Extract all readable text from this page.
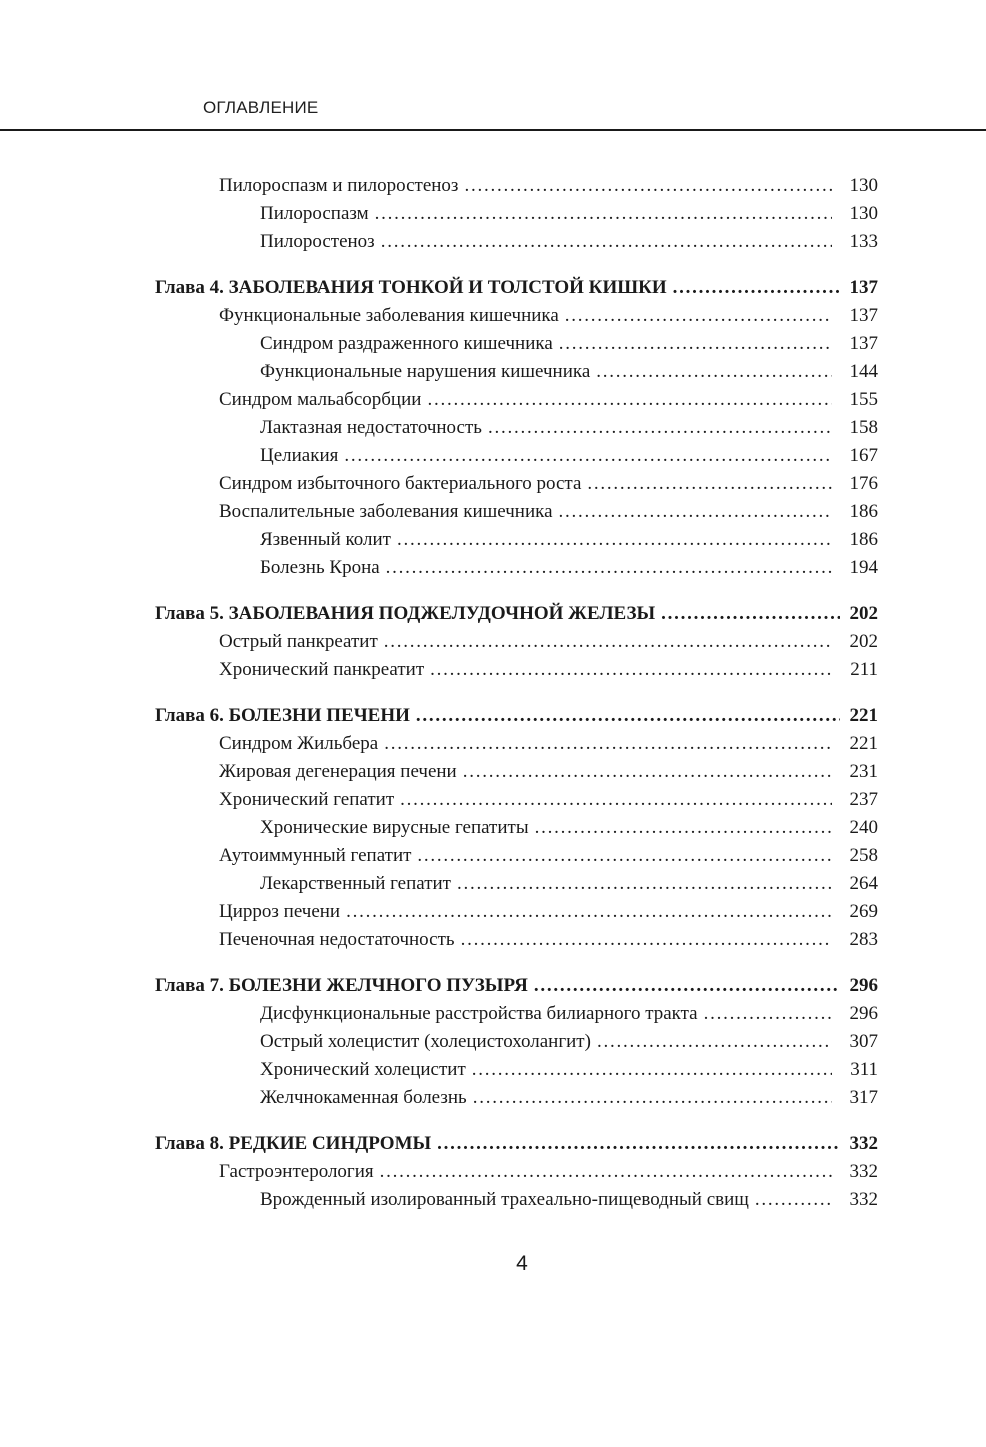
ОГЛАВЛЕНИЕ
Пилороспазм и пилоростеноз . . .	130
Пилороспазм . . .	130
Пилоростеноз . . .	133
Глава 4. ЗАБОЛЕВАНИЯ ТОНКОЙ И ТОЛСТОЙ КИШКИ . . .	137
Функциональные заболевания кишечника . . .	137
Синдром раздраженного кишечника . . .	137
Функциональные нарушения кишечника . . .	144
Синдром мальабсорбции . . .	155
Лактазная недостаточность . . .	158
Целиакия . . .	167
Синдром избыточного бактериального роста . . .	176
Воспалительные заболевания кишечника . . .	186
Язвенный колит . . .	186
Болезнь Крона . . .	194
Глава 5. ЗАБОЛЕВАНИЯ ПОДЖЕЛУДОЧНОЙ ЖЕЛЕЗЫ . . .	202
Острый панкреатит . . .	202
Хронический панкреатит . . .	211
Глава 6. БОЛЕЗНИ ПЕЧЕНИ . . .	221
Синдром Жильбера . . .	221
Жировая дегенерация печени . . .	231
Хронический гепатит . . .	237
Хронические вирусные гепатиты . . .	240
Аутоиммунный гепатит . . .	258
Лекарственный гепатит . . .	264
Цирроз печени . . .	269
Печеночная недостаточность . . .	283
Глава 7. БОЛЕЗНИ ЖЕЛЧНОГО ПУЗЫРЯ . . .	296
Дисфункциональные расстройства билиарного тракта . . .	296
Острый холецистит (холецистохолангит) . . .	307
Хронический холецистит . . .	311
Желчнокаменная болезнь . . .	317
Глава 8. РЕДКИЕ СИНДРОМЫ . . .	332
Гастроэнтерология . . .	332
Врожденный изолированный трахеально-пищеводный свищ . . .	332
4
